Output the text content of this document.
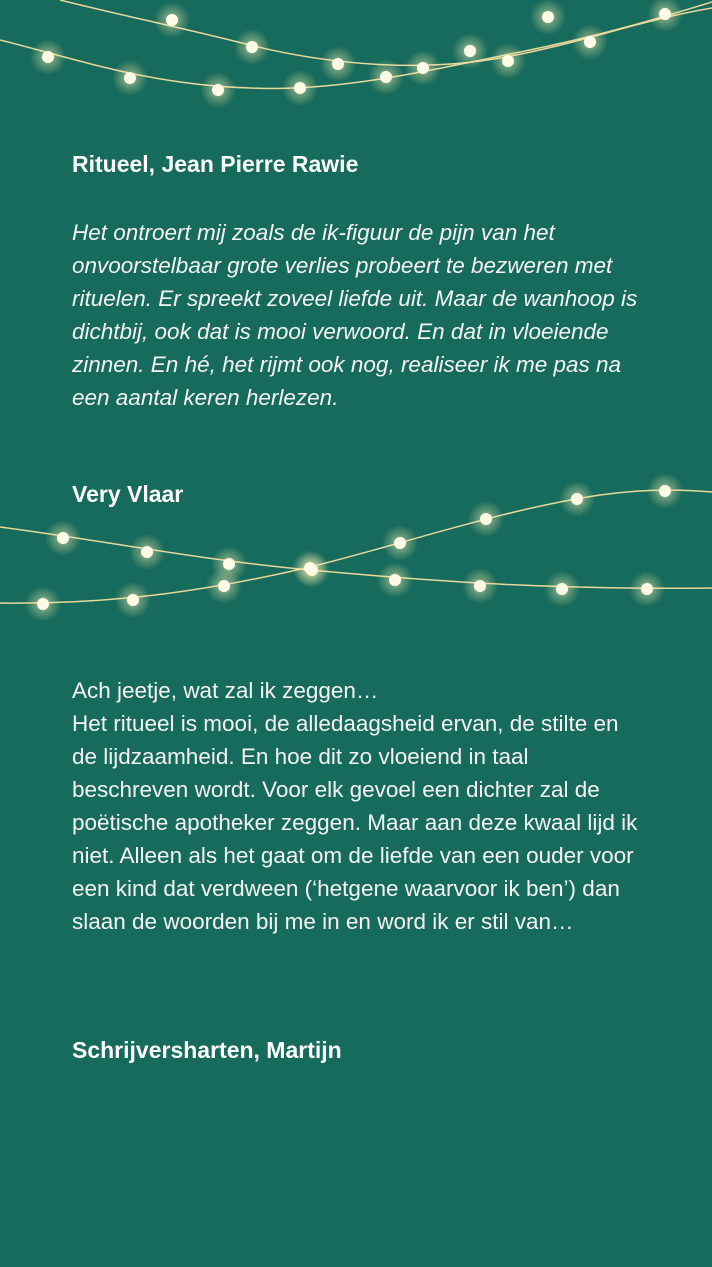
Ritueel, Jean Pierre Rawie

Het ontroert mij zoals de ik-figuur de pijn van het onvoorstelbaar grote verlies probeert te bezweren met rituelen. Er spreekt zoveel liefde uit. Maar de wanhoop is dichtbij, ook dat is mooi verwoord. En dat in vloeiende zinnen. En hé, het rijmt ook nog, realiseer ik me pas na een aantal keren herlezen.

Very Vlaar
Ach jeetje, wat zal ik zeggen…
Het ritueel is mooi, de alledaagsheid ervan, de stilte en de lijdzaamheid. En hoe dit zo vloeiend in taal beschreven wordt. Voor elk gevoel een dichter zal de poëtische apotheker zeggen. Maar aan deze kwaal lijd ik niet. Alleen als het gaat om de liefde van een ouder voor een kind dat verdween (‘hetgene waarvoor ik ben’) dan slaan de woorden bij me in en word ik er stil van…
Schrijversharten, Martijn
